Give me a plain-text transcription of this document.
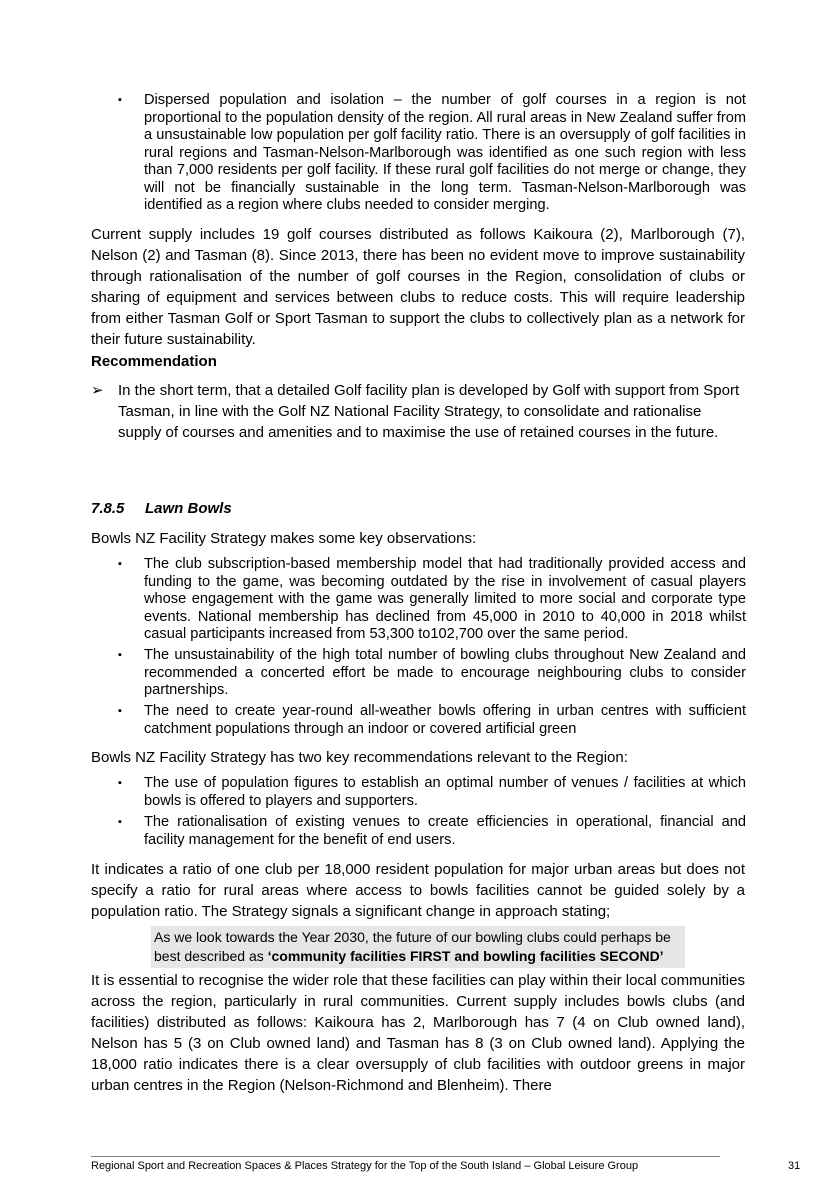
▪ Dispersed population and isolation – the number of golf courses in a region is not proportional to the population density of the region. All rural areas in New Zealand suffer from a unsustainable low population per golf facility ratio. There is an oversupply of golf facilities in rural regions and Tasman-Nelson-Marlborough was identified as one such region with less than 7,000 residents per golf facility. If these rural golf facilities do not merge or change, they will not be financially sustainable in the long term. Tasman-Nelson-Marlborough was identified as a region where clubs needed to consider merging.
Current supply includes 19 golf courses distributed as follows Kaikoura (2), Marlborough (7), Nelson (2) and Tasman (8). Since 2013, there has been no evident move to improve sustainability through rationalisation of the number of golf courses in the Region, consolidation of clubs or sharing of equipment and services between clubs to reduce costs. This will require leadership from either Tasman Golf or Sport Tasman to support the clubs to collectively plan as a network for their future sustainability.
Recommendation
➢ In the short term, that a detailed Golf facility plan is developed by Golf with support from Sport Tasman, in line with the Golf NZ National Facility Strategy, to consolidate and rationalise supply of courses and amenities and to maximise the use of retained courses in the future.
7.8.5 Lawn Bowls
Bowls NZ Facility Strategy makes some key observations:
▪ The club subscription-based membership model that had traditionally provided access and funding to the game, was becoming outdated by the rise in involvement of casual players whose engagement with the game was generally limited to more social and corporate type events. National membership has declined from 45,000 in 2010 to 40,000 in 2018 whilst casual participants increased from 53,300 to102,700 over the same period.
▪ The unsustainability of the high total number of bowling clubs throughout New Zealand and recommended a concerted effort be made to encourage neighbouring clubs to consider partnerships.
▪ The need to create year-round all-weather bowls offering in urban centres with sufficient catchment populations through an indoor or covered artificial green
Bowls NZ Facility Strategy has two key recommendations relevant to the Region:
▪ The use of population figures to establish an optimal number of venues / facilities at which bowls is offered to players and supporters.
▪ The rationalisation of existing venues to create efficiencies in operational, financial and facility management for the benefit of end users.
It indicates a ratio of one club per 18,000 resident population for major urban areas but does not specify a ratio for rural areas where access to bowls facilities cannot be guided solely by a population ratio. The Strategy signals a significant change in approach stating;
As we look towards the Year 2030, the future of our bowling clubs could perhaps be best described as ‘community facilities FIRST and bowling facilities SECOND’
It is essential to recognise the wider role that these facilities can play within their local communities across the region, particularly in rural communities. Current supply includes bowls clubs (and facilities) distributed as follows: Kaikoura has 2, Marlborough has 7 (4 on Club owned land), Nelson has 5 (3 on Club owned land) and Tasman has 8 (3 on Club owned land). Applying the 18,000 ratio indicates there is a clear oversupply of club facilities with outdoor greens in major urban centres in the Region (Nelson-Richmond and Blenheim). There
Regional Sport and Recreation Spaces & Places Strategy for the Top of the South Island – Global Leisure Group	31
